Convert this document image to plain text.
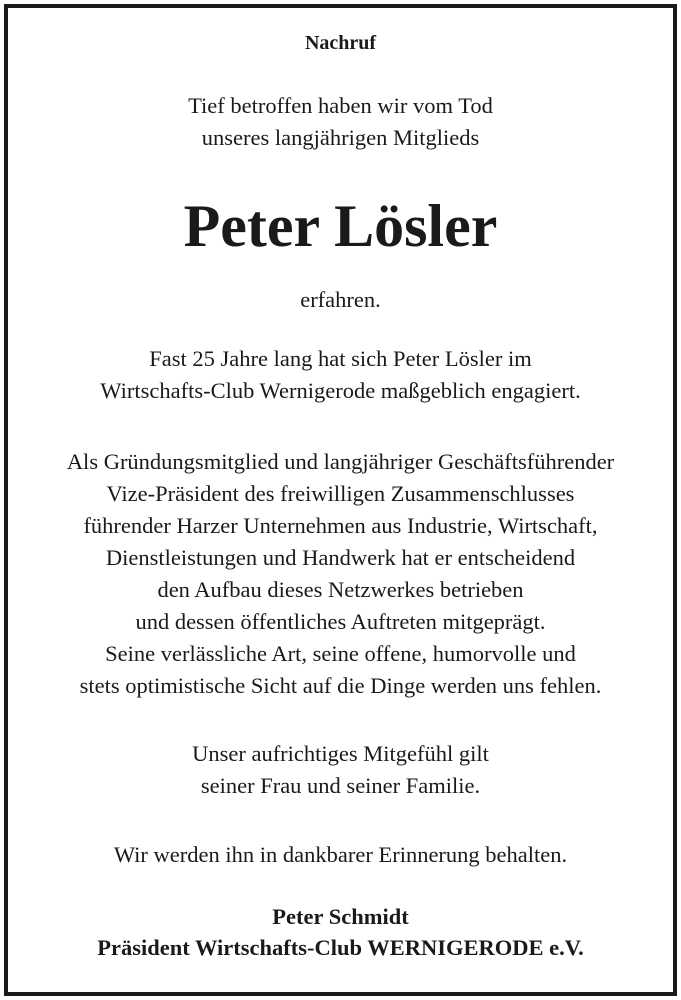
Nachruf
Tief betroffen haben wir vom Tod
unseres langjährigen Mitglieds
Peter Lösler
erfahren.
Fast 25 Jahre lang hat sich Peter Lösler im
Wirtschafts-Club Wernigerode maßgeblich engagiert.
Als Gründungsmitglied und langjähriger Geschäftsführender
Vize-Präsident des freiwilligen Zusammenschlusses
führender Harzer Unternehmen aus Industrie, Wirtschaft,
Dienstleistungen und Handwerk hat er entscheidend
den Aufbau dieses Netzwerkes betrieben
und dessen öffentliches Auftreten mitgeprägt.
Seine verlässliche Art, seine offene, humorvolle und
stets optimistische Sicht auf die Dinge werden uns fehlen.
Unser aufrichtiges Mitgefühl gilt
seiner Frau und seiner Familie.
Wir werden ihn in dankbarer Erinnerung behalten.
Peter Schmidt
Präsident Wirtschafts-Club WERNIGERODE e.V.
